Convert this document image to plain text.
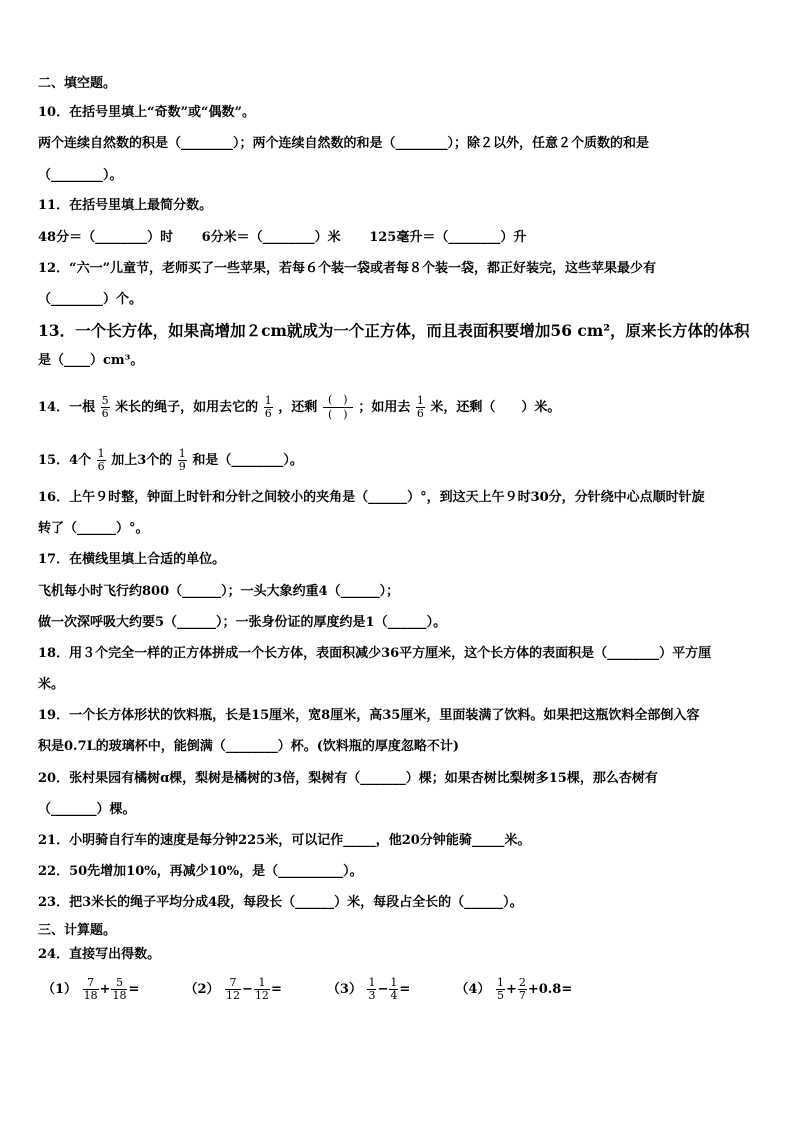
二、填空题。
10．在括号里填上“奇数”或“偶数”。
两个连续自然数的积是（________）；两个连续自然数的和是（________）；除２以外，任意２个质数的和是
（________）。
11．在括号里填上最简分数。
48分＝（________）时 6分米＝（________）米 125毫升＝（________）升
12．“六一”儿童节，老师买了一些苹果，若每６个装一袋或者每８个装一袋，都正好装完，这些苹果最少有
（________）个。
13．一个长方体，如果高增加２cm就成为一个正方体，而且表面积要增加56 cm²，原来长方体的体积
是（____）cm³。
14．一根 $\frac{5}{6}$ 米长的绳子，如用去它的 $\frac{1}{6}$ ，还剩 $\frac{( )}{( )}$ ；如用去 $\frac{1}{6}$ 米，还剩（　　）米。
15．4个 $\frac{1}{6}$ 加上3个的 $\frac{1}{9}$ 和是（________）。
16．上午９时整，钟面上时针和分针之间较小的夹角是（______）°，到这天上午９时30分，分针绕中心点顺时针旋
转了（______）°。
17．在横线里填上合适的单位。
飞机每小时飞行约800（______）；一头大象约重4（______）；
做一次深呼吸大约要5（______）；一张身份证的厚度约是1（______）。
18．用３个完全一样的正方体拼成一个长方体，表面积减少36平方厘米，这个长方体的表面积是（________）平方厘
米。
19．一个长方体形状的饮料瓶，长是15厘米，宽8厘米，高35厘米，里面装满了饮料。如果把这瓶饮料全部倒入容
积是0.7L的玻璃杯中，能倒满（________）杯。(饮料瓶的厚度忽略不计)
20．张村果园有橘树ɑ棵，梨树是橘树的3倍，梨树有（_______）棵；如果杏树比梨树多15棵，那么杏树有
（_______）棵。
21．小明骑自行车的速度是每分钟225米，可以记作_____，他20分钟能骑_____米。
22．50先增加10%，再减少10%，是（__________）。
23．把3米长的绳子平均分成4段，每段长（______）米，每段占全长的（______）。
三、计算题。
24．直接写出得数。
$(1) \frac{7}{18} + \frac{5}{18}$ =	$(2) \frac{7}{12} - \frac{1}{12}$ =	$(3) \frac{1}{3} - \frac{1}{4}$ =	$(4) \frac{1}{5} + \frac{2}{7} +0.8=$
